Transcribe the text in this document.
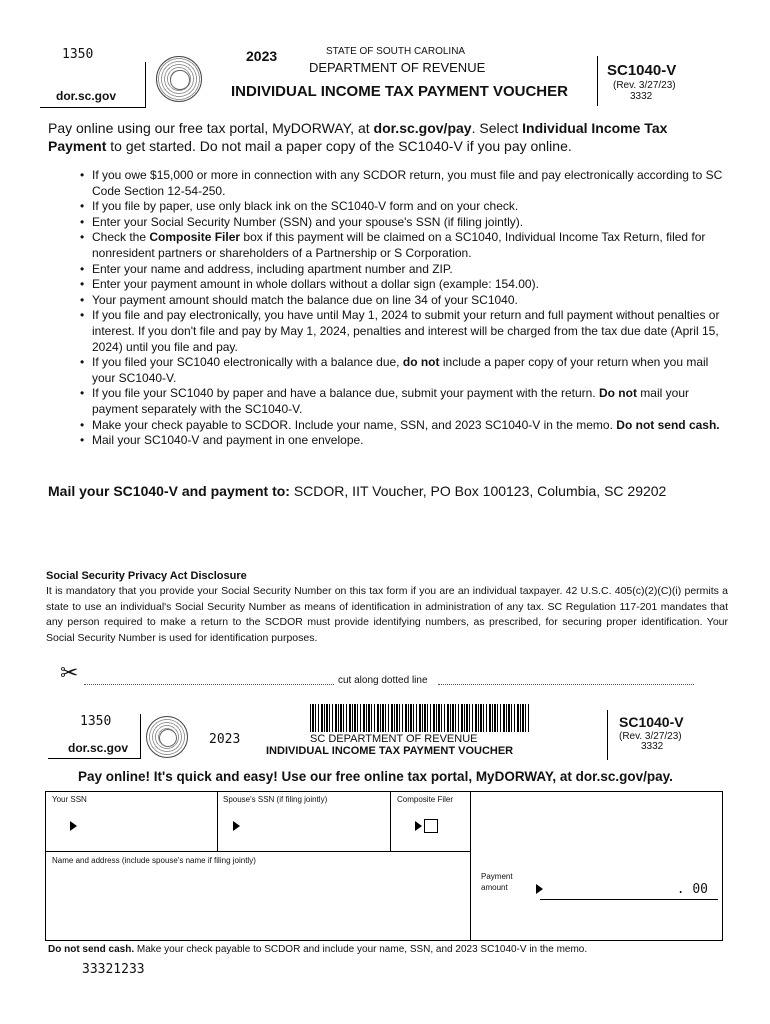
1350
dor.sc.gov
2023	STATE OF SOUTH CAROLINA
DEPARTMENT OF REVENUE
INDIVIDUAL INCOME TAX PAYMENT VOUCHER
SC1040-V
(Rev. 3/27/23)
3332
Pay online using our free tax portal, MyDORWAY, at dor.sc.gov/pay. Select Individual Income Tax Payment to get started. Do not mail a paper copy of the SC1040-V if you pay online.
• If you owe $15,000 or more in connection with any SCDOR return, you must file and pay electronically according to SC Code Section 12-54-250.
• If you file by paper, use only black ink on the SC1040-V form and on your check.
• Enter your Social Security Number (SSN) and your spouse's SSN (if filing jointly).
• Check the Composite Filer box if this payment will be claimed on a SC1040, Individual Income Tax Return, filed for nonresident partners or shareholders of a Partnership or S Corporation.
• Enter your name and address, including apartment number and ZIP.
• Enter your payment amount in whole dollars without a dollar sign (example: 154.00).
• Your payment amount should match the balance due on line 34 of your SC1040.
• If you file and pay electronically, you have until May 1, 2024 to submit your return and full payment without penalties or interest. If you don't file and pay by May 1, 2024, penalties and interest will be charged from the tax due date (April 15, 2024) until you file and pay.
• If you filed your SC1040 electronically with a balance due, do not include a paper copy of your return when you mail your SC1040-V.
• If you file your SC1040 by paper and have a balance due, submit your payment with the return. Do not mail your payment separately with the SC1040-V.
• Make your check payable to SCDOR. Include your name, SSN, and 2023 SC1040-V in the memo. Do not send cash.
• Mail your SC1040-V and payment in one envelope.
Mail your SC1040-V and payment to: SCDOR, IIT Voucher, PO Box 100123, Columbia, SC 29202
Social Security Privacy Act Disclosure
It is mandatory that you provide your Social Security Number on this tax form if you are an individual taxpayer. 42 U.S.C. 405(c)(2)(C)(i) permits a state to use an individual's Social Security Number as means of identification in administration of any tax. SC Regulation 117-201 mandates that any person required to make a return to the SCDOR must provide identifying numbers, as prescribed, for securing proper identification. Your Social Security Number is used for identification purposes.
✂	cut along dotted line
1350
dor.sc.gov
2023	SC DEPARTMENT OF REVENUE
INDIVIDUAL INCOME TAX PAYMENT VOUCHER
SC1040-V
(Rev. 3/27/23)
3332
Pay online! It's quick and easy! Use our free online tax portal, MyDORWAY, at dor.sc.gov/pay.
Your SSN	Spouse's SSN (if filing jointly)	Composite Filer
Name and address (include spouse's name if filing jointly)
Payment
amount	. 00
Do not send cash. Make your check payable to SCDOR and include your name, SSN, and 2023 SC1040-V in the memo.
33321233
